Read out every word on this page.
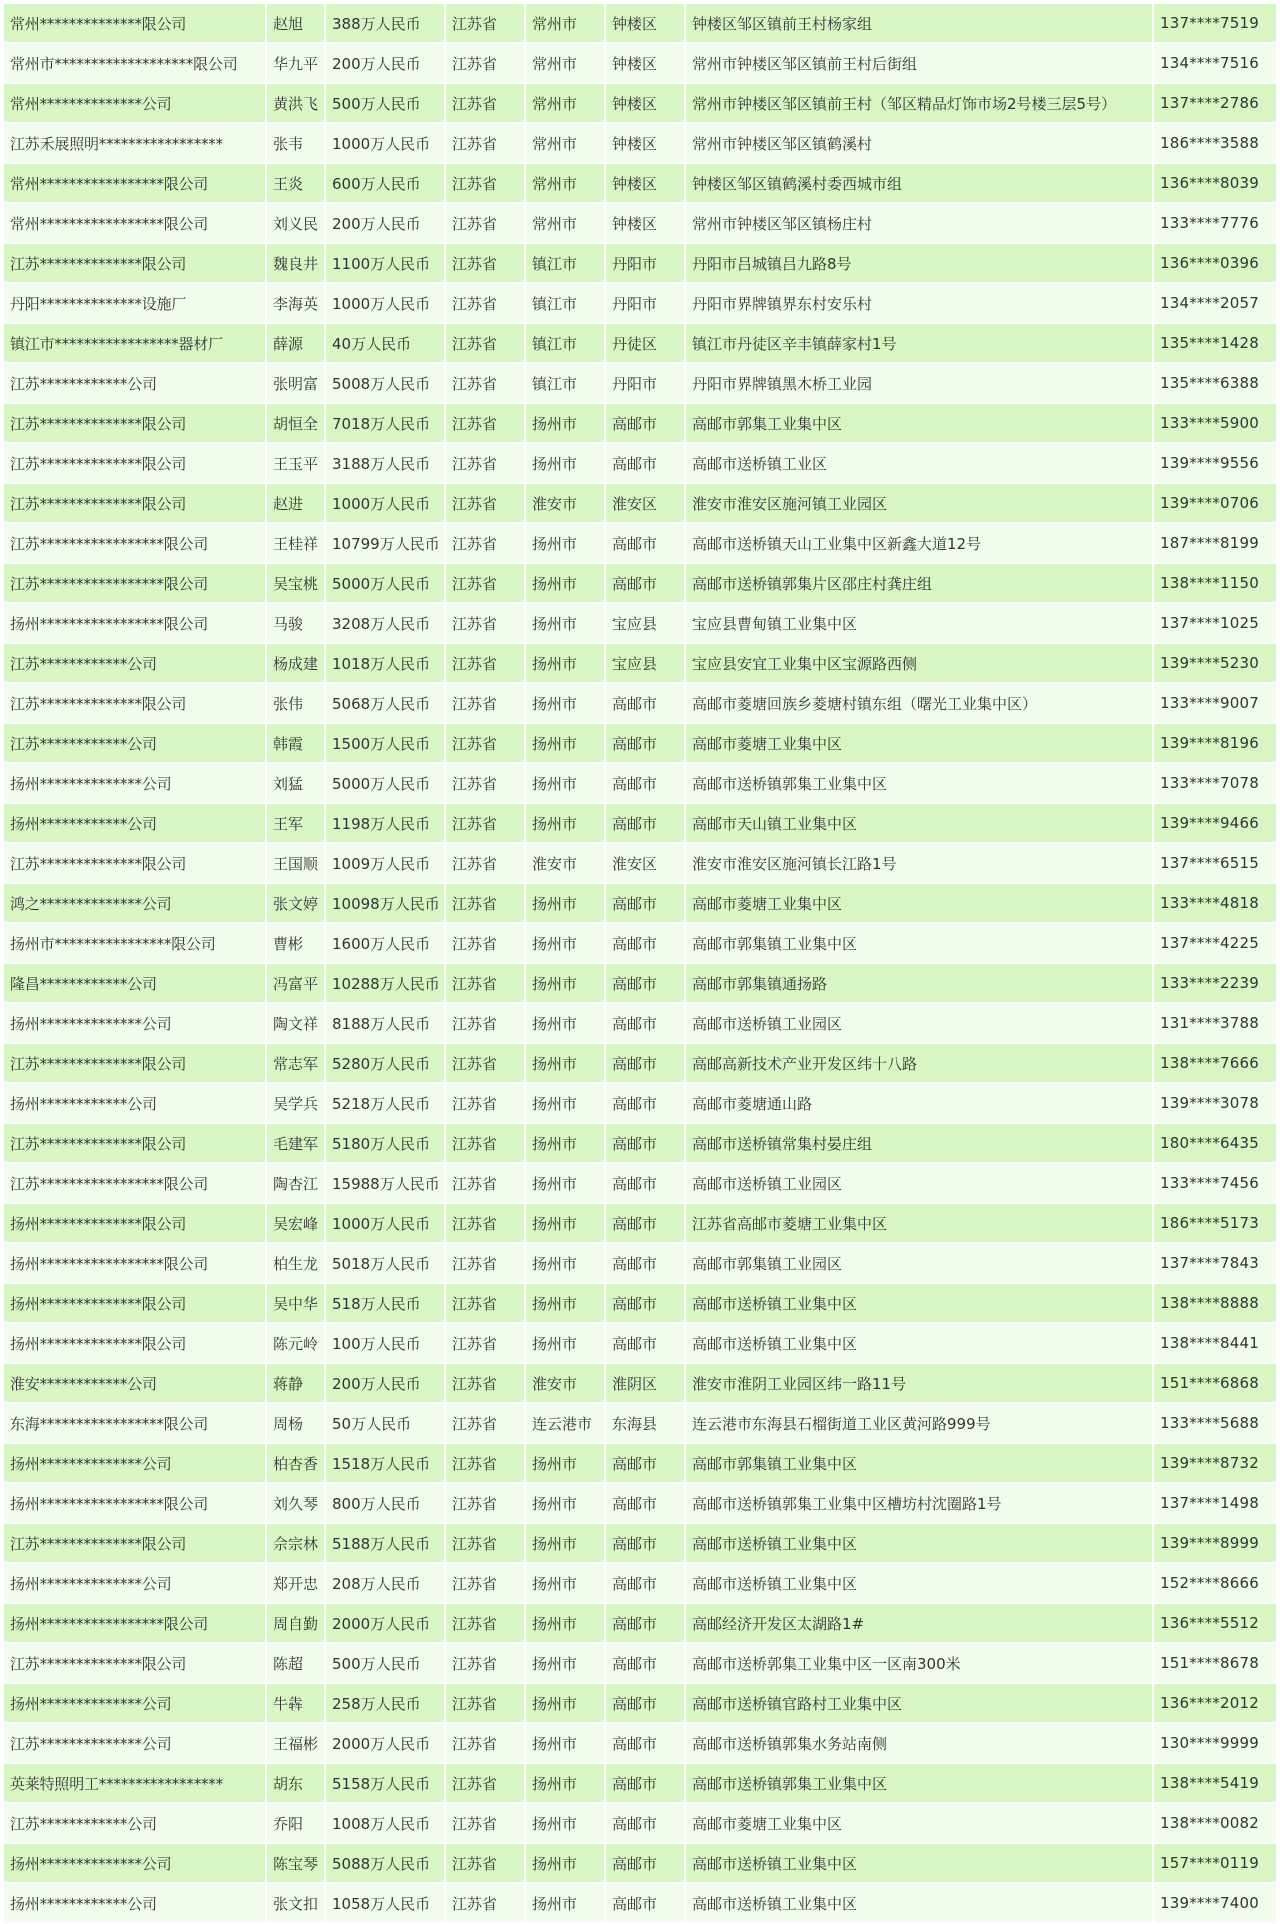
常州**************限公司	赵旭	388万人民币	江苏省	常州市	钟楼区	钟楼区邹区镇前王村杨家组	137****7519
常州市*******************限公司	华九平	200万人民币	江苏省	常州市	钟楼区	常州市钟楼区邹区镇前王村后街组	134****7516
常州**************公司	黄洪飞	500万人民币	江苏省	常州市	钟楼区	常州市钟楼区邹区镇前王村（邹区精品灯饰市场2号楼三层5号）	137****2786
江苏禾展照明*****************	张韦	1000万人民币	江苏省	常州市	钟楼区	常州市钟楼区邹区镇鹤溪村	186****3588
常州*****************限公司	王炎	600万人民币	江苏省	常州市	钟楼区	钟楼区邹区镇鹤溪村委西城市组	136****8039
常州*****************限公司	刘义民	200万人民币	江苏省	常州市	钟楼区	常州市钟楼区邹区镇杨庄村	133****7776
江苏**************限公司	魏良井	1100万人民币	江苏省	镇江市	丹阳市	丹阳市吕城镇吕九路8号	136****0396
丹阳**************设施厂	李海英	1000万人民币	江苏省	镇江市	丹阳市	丹阳市界牌镇界东村安乐村	134****2057
镇江市*****************器材厂	薛源	40万人民币	江苏省	镇江市	丹徒区	镇江市丹徒区辛丰镇薛家村1号	135****1428
江苏************公司	张明富	5008万人民币	江苏省	镇江市	丹阳市	丹阳市界牌镇黑木桥工业园	135****6388
江苏**************限公司	胡恒全	7018万人民币	江苏省	扬州市	高邮市	高邮市郭集工业集中区	133****5900
江苏**************限公司	王玉平	3188万人民币	江苏省	扬州市	高邮市	高邮市送桥镇工业区	139****9556
江苏**************限公司	赵进	1000万人民币	江苏省	淮安市	淮安区	淮安市淮安区施河镇工业园区	139****0706
江苏*****************限公司	王桂祥	10799万人民币	江苏省	扬州市	高邮市	高邮市送桥镇天山工业集中区新鑫大道12号	187****8199
江苏*****************限公司	吴宝桃	5000万人民币	江苏省	扬州市	高邮市	高邮市送桥镇郭集片区邵庄村龚庄组	138****1150
扬州*****************限公司	马骏	3208万人民币	江苏省	扬州市	宝应县	宝应县曹甸镇工业集中区	137****1025
江苏************公司	杨成建	1018万人民币	江苏省	扬州市	宝应县	宝应县安宜工业集中区宝源路西侧	139****5230
江苏**************限公司	张伟	5068万人民币	江苏省	扬州市	高邮市	高邮市菱塘回族乡菱塘村镇东组（曙光工业集中区）	133****9007
江苏************公司	韩霞	1500万人民币	江苏省	扬州市	高邮市	高邮市菱塘工业集中区	139****8196
扬州**************公司	刘猛	5000万人民币	江苏省	扬州市	高邮市	高邮市送桥镇郭集工业集中区	133****7078
扬州************公司	王军	1198万人民币	江苏省	扬州市	高邮市	高邮市天山镇工业集中区	139****9466
江苏**************限公司	王国顺	1009万人民币	江苏省	淮安市	淮安区	淮安市淮安区施河镇长江路1号	137****6515
鸿之**************公司	张文婷	10098万人民币	江苏省	扬州市	高邮市	高邮市菱塘工业集中区	133****4818
扬州市****************限公司	曹彬	1600万人民币	江苏省	扬州市	高邮市	高邮市郭集镇工业集中区	137****4225
隆昌************公司	冯富平	10288万人民币	江苏省	扬州市	高邮市	高邮市郭集镇通扬路	133****2239
扬州**************公司	陶文祥	8188万人民币	江苏省	扬州市	高邮市	高邮市送桥镇工业园区	131****3788
江苏**************限公司	常志军	5280万人民币	江苏省	扬州市	高邮市	高邮高新技术产业开发区纬十八路	138****7666
扬州************公司	吴学兵	5218万人民币	江苏省	扬州市	高邮市	高邮市菱塘通山路	139****3078
江苏**************限公司	毛建军	5180万人民币	江苏省	扬州市	高邮市	高邮市送桥镇常集村晏庄组	180****6435
江苏*****************限公司	陶杏江	15988万人民币	江苏省	扬州市	高邮市	高邮市送桥镇工业园区	133****7456
扬州**************限公司	吴宏峰	1000万人民币	江苏省	扬州市	高邮市	江苏省高邮市菱塘工业集中区	186****5173
扬州*****************限公司	柏生龙	5018万人民币	江苏省	扬州市	高邮市	高邮市郭集镇工业园区	137****7843
扬州**************限公司	吴中华	518万人民币	江苏省	扬州市	高邮市	高邮市送桥镇工业集中区	138****8888
扬州**************限公司	陈元岭	100万人民币	江苏省	扬州市	高邮市	高邮市送桥镇工业集中区	138****8441
淮安************公司	蒋静	200万人民币	江苏省	淮安市	淮阴区	淮安市淮阴工业园区纬一路11号	151****6868
东海*****************限公司	周杨	50万人民币	江苏省	连云港市	东海县	连云港市东海县石榴街道工业区黄河路999号	133****5688
扬州**************公司	柏杏香	1518万人民币	江苏省	扬州市	高邮市	高邮市郭集镇工业集中区	139****8732
扬州*****************限公司	刘久琴	800万人民币	江苏省	扬州市	高邮市	高邮市送桥镇郭集工业集中区槽坊村沈圈路1号	137****1498
江苏**************限公司	佘宗林	5188万人民币	江苏省	扬州市	高邮市	高邮市送桥镇工业集中区	139****8999
扬州**************公司	郑开忠	208万人民币	江苏省	扬州市	高邮市	高邮市送桥镇工业集中区	152****8666
扬州*****************限公司	周自勤	2000万人民币	江苏省	扬州市	高邮市	高邮经济开发区太湖路1#	136****5512
江苏**************限公司	陈超	500万人民币	江苏省	扬州市	高邮市	高邮市送桥郭集工业集中区一区南300米	151****8678
扬州**************公司	牛犇	258万人民币	江苏省	扬州市	高邮市	高邮市送桥镇官路村工业集中区	136****2012
江苏**************公司	王福彬	2000万人民币	江苏省	扬州市	高邮市	高邮市送桥镇郭集水务站南侧	130****9999
英莱特照明工*****************	胡东	5158万人民币	江苏省	扬州市	高邮市	高邮市送桥镇郭集工业集中区	138****5419
江苏************公司	乔阳	1008万人民币	江苏省	扬州市	高邮市	高邮市菱塘工业集中区	138****0082
扬州**************公司	陈宝琴	5088万人民币	江苏省	扬州市	高邮市	高邮市送桥镇工业集中区	157****0119
扬州************公司	张文扣	1058万人民币	江苏省	扬州市	高邮市	高邮市送桥镇工业集中区	139****7400
